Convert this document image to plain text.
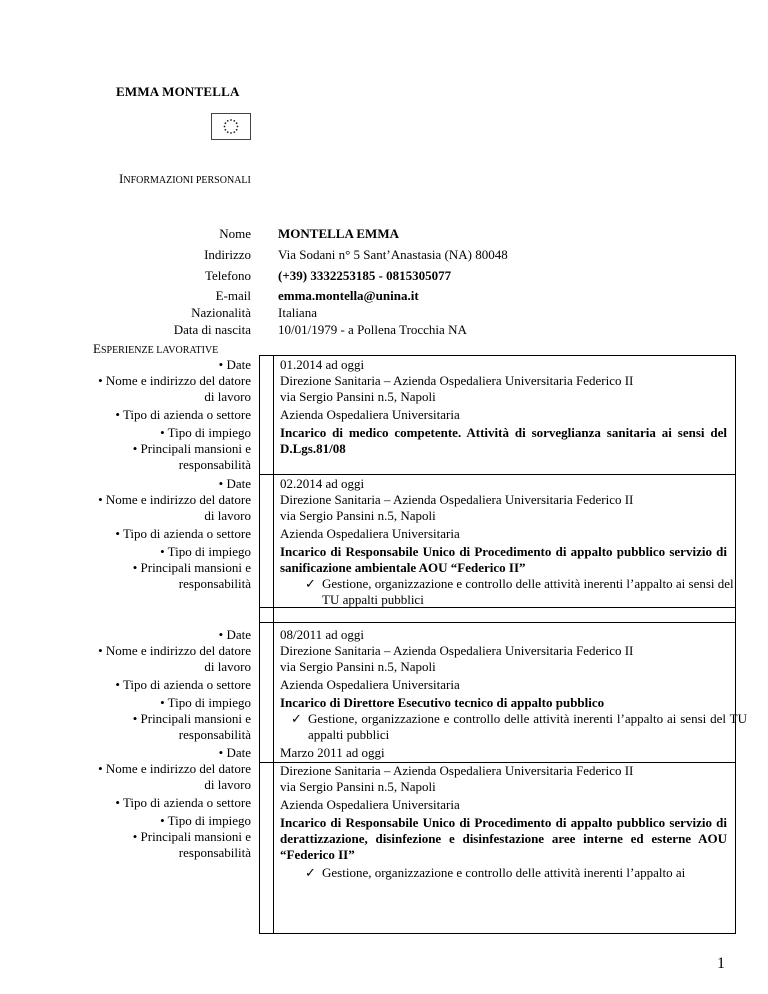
EMMA MONTELLA
INFORMAZIONI PERSONALI
Nome MONTELLA EMMA
Indirizzo Via Sodani n° 5 Sant’Anastasia (NA) 80048
Telefono (+39) 3332253185 - 0815305077
E-mail emma.montella@unina.it
Nazionalità Italiana
Data di nascita 10/01/1979 - a Pollena Trocchia NA
ESPERIENZE LAVORATIVE
• Date
• Nome e indirizzo del datore
di lavoro
• Tipo di azienda o settore
• Tipo di impiego
• Principali mansioni e
responsabilità
01.2014 ad oggi
Direzione Sanitaria – Azienda Ospedaliera Universitaria Federico II
via Sergio Pansini n.5, Napoli
Azienda Ospedaliera Universitaria
Incarico di medico competente. Attività di sorveglianza sanitaria ai sensi del D.Lgs.81/08
• Date
• Nome e indirizzo del datore
di lavoro
• Tipo di azienda o settore
• Tipo di impiego
• Principali mansioni e
responsabilità
02.2014 ad oggi
Direzione Sanitaria – Azienda Ospedaliera Universitaria Federico II
via Sergio Pansini n.5, Napoli
Azienda Ospedaliera Universitaria
Incarico di Responsabile Unico di Procedimento di appalto pubblico servizio di sanificazione ambientale AOU “Federico II”
✓ Gestione, organizzazione e controllo delle attività inerenti l’appalto ai sensi del TU appalti pubblici
• Date
• Nome e indirizzo del datore
di lavoro
• Tipo di azienda o settore
• Tipo di impiego
• Principali mansioni e
responsabilità
08/2011 ad oggi
Direzione Sanitaria – Azienda Ospedaliera Universitaria Federico II
via Sergio Pansini n.5, Napoli
Azienda Ospedaliera Universitaria
Incarico di Direttore Esecutivo tecnico di appalto pubblico
✓ Gestione, organizzazione e controllo delle attività inerenti l’appalto ai sensi del TU appalti pubblici
• Date
• Nome e indirizzo del datore
di lavoro
• Tipo di azienda o settore
• Tipo di impiego
• Principali mansioni e
responsabilità
Marzo 2011 ad oggi
Direzione Sanitaria – Azienda Ospedaliera Universitaria Federico II
via Sergio Pansini n.5, Napoli
Azienda Ospedaliera Universitaria
Incarico di Responsabile Unico di Procedimento di appalto pubblico servizio di derattizzazione, disinfezione e disinfestazione aree interne ed esterne AOU “Federico II”
✓ Gestione, organizzazione e controllo delle attività inerenti l’appalto ai
1
